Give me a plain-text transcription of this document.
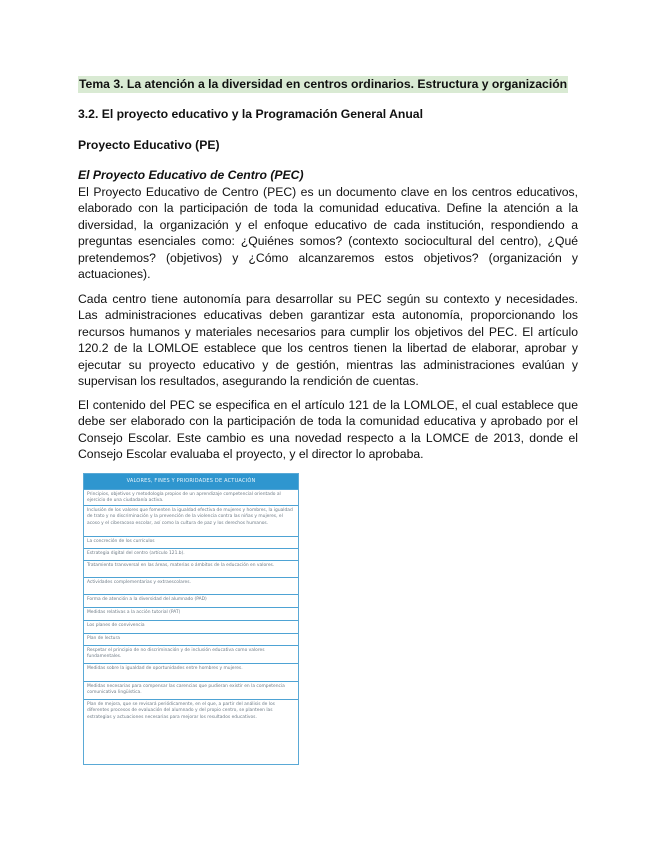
Tema 3. La atención a la diversidad en centros ordinarios. Estructura y organización
3.2. El proyecto educativo y la Programación General Anual
Proyecto Educativo (PE)
El Proyecto Educativo de Centro (PEC)

El Proyecto Educativo de Centro (PEC) es un documento clave en los centros educativos, elaborado con la participación de toda la comunidad educativa. Define la atención a la diversidad, la organización y el enfoque educativo de cada institución, respondiendo a preguntas esenciales como: ¿Quiénes somos? (contexto sociocultural del centro), ¿Qué pretendemos? (objetivos) y ¿Cómo alcanzaremos estos objetivos? (organización y actuaciones).

Cada centro tiene autonomía para desarrollar su PEC según su contexto y necesidades. Las administraciones educativas deben garantizar esta autonomía, proporcionando los recursos humanos y materiales necesarios para cumplir los objetivos del PEC. El artículo 120.2 de la LOMLOE establece que los centros tienen la libertad de elaborar, aprobar y ejecutar su proyecto educativo y de gestión, mientras las administraciones evalúan y supervisan los resultados, asegurando la rendición de cuentas.

El contenido del PEC se especifica en el artículo 121 de la LOMLOE, el cual establece que debe ser elaborado con la participación de toda la comunidad educativa y aprobado por el Consejo Escolar. Este cambio es una novedad respecto a la LOMCE de 2013, donde el Consejo Escolar evaluaba el proyecto, y el director lo aprobaba.

VALORES, FINES Y PRIORIDADES DE ACTUACIÓN
Principios, objetivos y metodología propios de un aprendizaje competencial orientado al ejercicio de una ciudadanía activa.
Inclusión de los valores que fomenten la igualdad efectiva de mujeres y hombres, la igualdad de trato y no discriminación y la prevención de la violencia contra las niñas y mujeres, el acoso y el ciberacoso escolar, así como la cultura de paz y los derechos humanos.
La concreción de los currículos
Estrategia digital del centro (artículo 121.b).
Tratamiento transversal en las áreas, materias o ámbitos de la educación en valores.
Actividades complementarias y extraescolares.
Forma de atención a la diversidad del alumnado (PAD)
Medidas relativas a la acción tutorial (PAT)
Los planes de convivencia
Plan de lectura
Respetar el principio de no discriminación y de inclusión educativa como valores fundamentales.
Medidas sobre la igualdad de oportunidades entre hombres y mujeres.
Medidas necesarias para compensar las carencias que pudieran existir en la competencia comunicativa lingüística.
Plan de mejora, que se revisará periódicamente, en el que, a partir del análisis de los diferentes procesos de evaluación del alumnado y del propio centro, se planteen las estrategias y actuaciones necesarias para mejorar los resultados educativos.
